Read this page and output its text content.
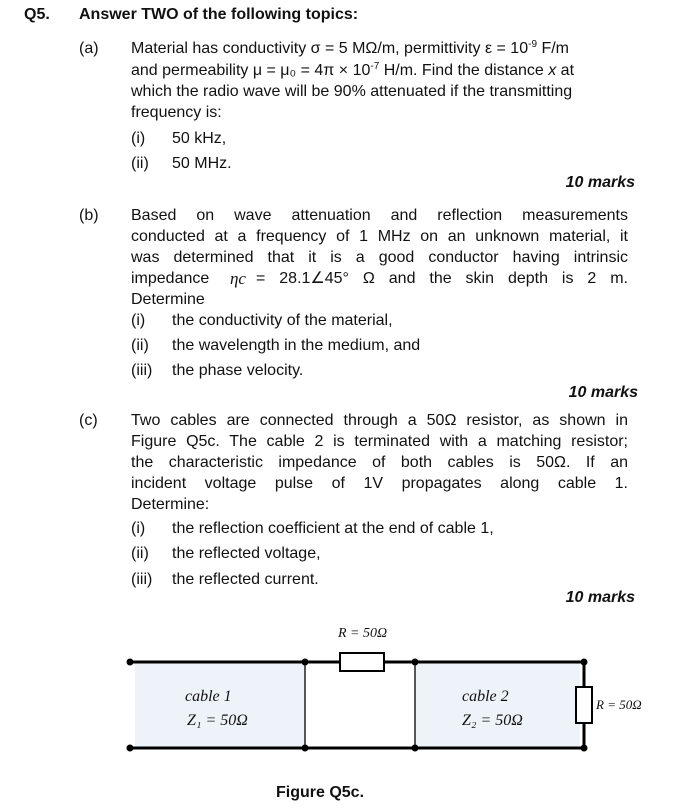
Q5. Answer TWO of the following topics:
(a) Material has conductivity σ = 5 MΩ/m, permittivity $\varepsilon = 10^{-9}$ F/m
and permeability $\mu = \mu_0 = 4\pi \times 10^{-7}$ H/m. Find the distance x at
which the radio wave will be 90% attenuated if the transmitting
frequency is:
(i) 50 kHz,
(ii) 50 MHz.
10 marks
(b) Based on wave attenuation and reflection measurements
conducted at a frequency of 1 MHz on an unknown material, it
was determined that it is a good conductor having intrinsic
impedance ηc = 28.1∠45° Ω and the skin depth is 2 m.
Determine
(i) the conductivity of the material,
(ii) the wavelength in the medium, and
(iii) the phase velocity.
10 marks
(c) Two cables are connected through a 50Ω resistor, as shown in
Figure Q5c. The cable 2 is terminated with a matching resistor;
the characteristic impedance of both cables is 50Ω. If an
incident voltage pulse of 1V propagates along cable 1.
Determine:
(i) the reflection coefficient at the end of cable 1,
(ii) the reflected voltage,
(iii) the reflected current.
10 marks
R = 50Ω
cable 1
Z₁ = 50Ω
cable 2
Z₂ = 50Ω
R = 50Ω
Figure Q5c.
